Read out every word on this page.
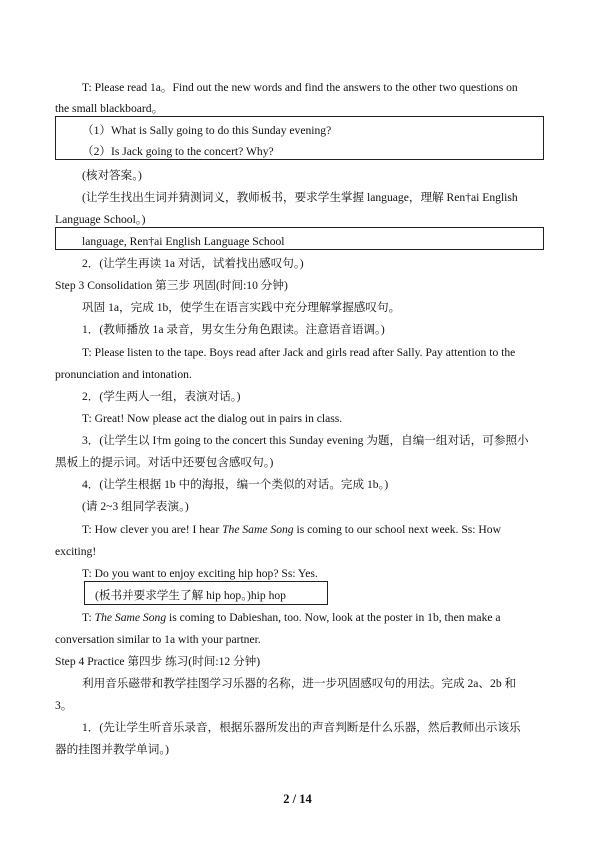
T: Please read 1a。Find out the new words and find the answers to the other two questions on
the small blackboard。
（1）What is Sally going to do this Sunday evening?
（2）Is Jack going to the concert? Why?
(核对答案。)
(让学生找出生词并猜测词义，教师板书，要求学生掌握 language，理解 Ren†ai English
Language School。)
language, Ren†ai English Language School
2．(让学生再读 1a 对话，试着找出感叹句。)
Step 3 Consolidation 第三步 巩固(时间:10 分钟)
巩固 1a，完成 1b，使学生在语言实践中充分理解掌握感叹句。
1．(教师播放 1a 录音，男女生分角色跟读。注意语音语调。)
T: Please listen to the tape. Boys read after Jack and girls read after Sally. Pay attention to the
pronunciation and intonation.
2．(学生两人一组，表演对话。)
T: Great! Now please act the dialog out in pairs in class.
3．(让学生以 I†m going to the concert this Sunday evening 为题，自编一组对话，可参照小
黑板上的提示词。对话中还要包含感叹句。)
4．(让学生根据 1b 中的海报，编一个类似的对话。完成 1b。)
(请 2~3 组同学表演。)
T: How clever you are! I hear The Same Song is coming to our school next week. Ss: How
exciting!
T: Do you want to enjoy exciting hip hop? Ss: Yes.
(板书并要求学生了解 hip hop。)hip hop
T: The Same Song is coming to Dabieshan, too. Now, look at the poster in 1b, then make a
conversation similar to 1a with your partner.
Step 4 Practice 第四步 练习(时间:12 分钟)
利用音乐磁带和教学挂图学习乐器的名称，进一步巩固感叹句的用法。完成 2a、2b 和
3。
1．(先让学生听音乐录音，根据乐器所发出的声音判断是什么乐器，然后教师出示该乐
器的挂图并教学单词。)
2 / 14
